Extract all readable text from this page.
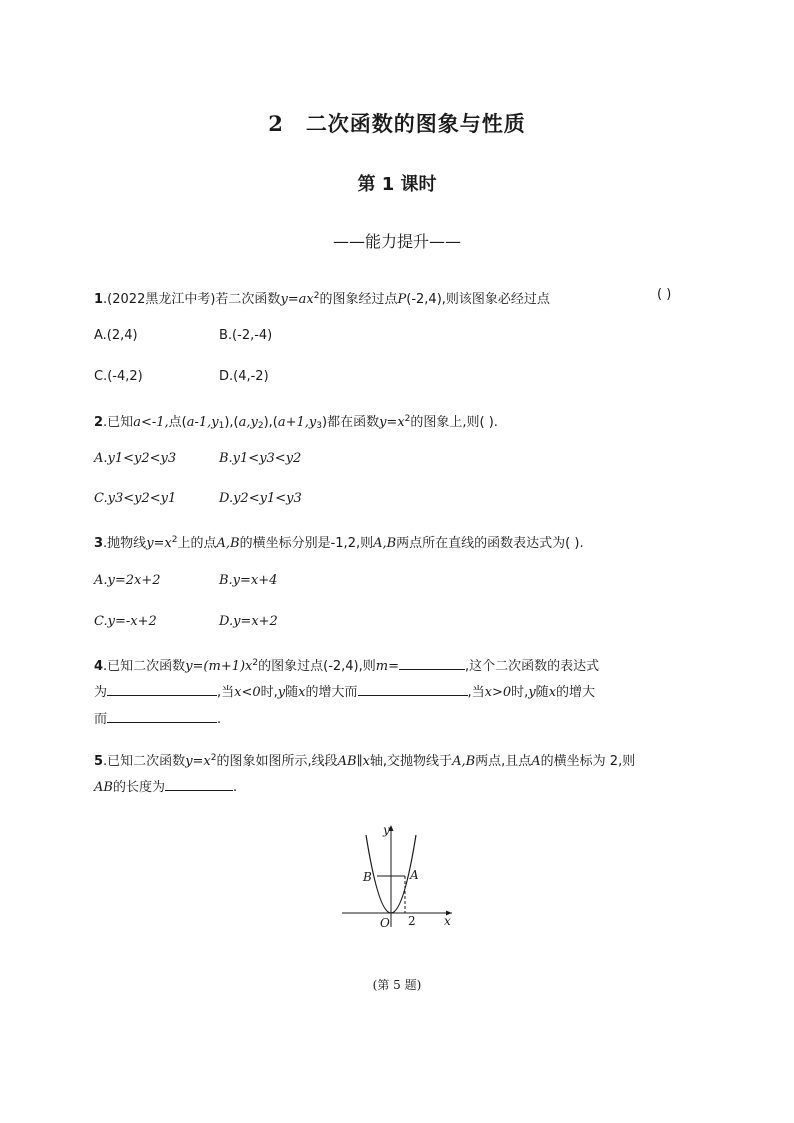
2 二次函数的图象与性质
第 1 课时
——能力提升——
1.(2022黑龙江中考)若二次函数$y=ax^2$的图象经过点P(-2,4),则该图象必经过点	( )
A.(2,4)	B.(-2,-4)
C.(-4,2)	D.(4,-2)
2.已知a<-1,点(a-1,y1),(a,y2),(a+1,y3)都在函数$y=x^2$的图象上,则( ).
A.y1<y2<y3	B.y1<y3<y2
C.y3<y2<y1	D.y2<y1<y3
3.抛物线$y=x^2$上的点A,B的横坐标分别是-1,2,则A,B两点所在直线的函数表达式为( ).
A.y=2x+2	B.y=x+4
C.y=-x+2	D.y=x+2
4.已知二次函数$y=(m+1)x^2$的图象过点(-2,4),则m=	,这个二次函数的表达式
为	,当x<0时,y随x的增大而	,当x>0时,y随x的增大
而	.
5.已知二次函数$y=x^2$的图象如图所示,线段AB∥x轴,交抛物线于A,B两点,且点A的横坐标为 2,则
AB的长度为	.
y
x
O
A
B
2
(第 5 题)
